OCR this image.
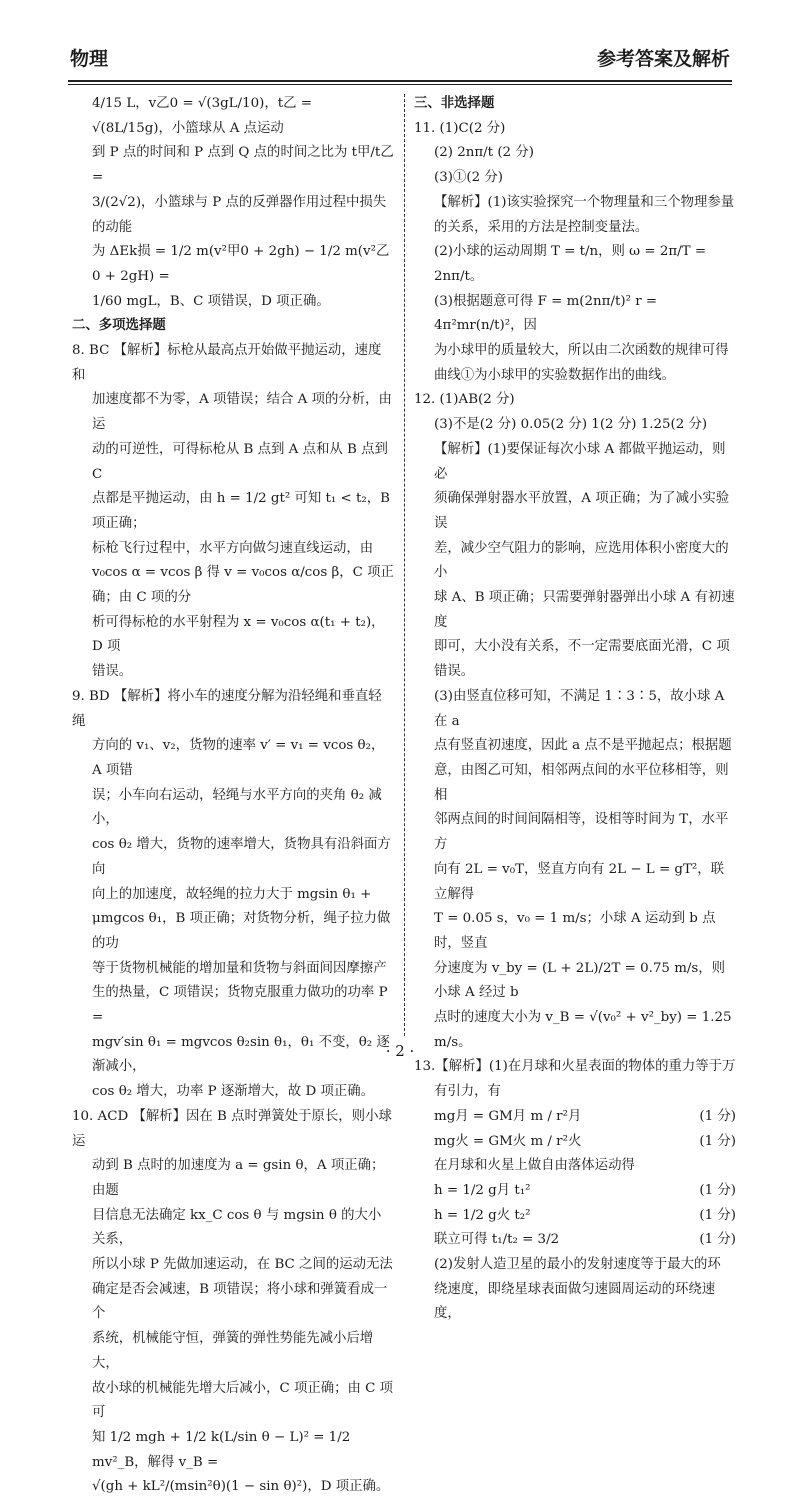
物理	参考答案及解析

4/15 L，v乙0 = √(3gL/10)，t乙 = √(8L/15g)，小篮球从 A 点运动

到 P 点的时间和 P 点到 Q 点的时间之比为 t甲/t乙 =

3/(2√2)，小篮球与 P 点的反弹器作用过程中损失的动能

为 ΔEk损 = 1/2 m(v²甲0 + 2gh) − 1/2 m(v²乙0 + 2gH) =

1/60 mgL，B、C 项错误，D 项正确。

二、多项选择题

8. BC 【解析】标枪从最高点开始做平抛运动，速度和

加速度都不为零，A 项错误；结合 A 项的分析，由运

动的可逆性，可得标枪从 B 点到 A 点和从 B 点到 C

点都是平抛运动，由 h = 1/2 gt² 可知 t₁ < t₂，B 项正确；

标枪飞行过程中，水平方向做匀速直线运动，由

v₀cos α = vcos β 得 v = v₀cos α/cos β，C 项正确；由 C 项的分

析可得标枪的水平射程为 x = v₀cos α(t₁ + t₂)，D 项

错误。

9. BD 【解析】将小车的速度分解为沿轻绳和垂直轻绳

方向的 v₁、v₂，货物的速率 v′ = v₁ = vcos θ₂，A 项错

误；小车向右运动，轻绳与水平方向的夹角 θ₂ 减小，

cos θ₂ 增大，货物的速率增大，货物具有沿斜面方向

向上的加速度，故轻绳的拉力大于 mgsin θ₁ +

μmgcos θ₁，B 项正确；对货物分析，绳子拉力做的功

等于货物机械能的增加量和货物与斜面间因摩擦产

生的热量，C 项错误；货物克服重力做功的功率 P =

mgv′sin θ₁ = mgvcos θ₂sin θ₁，θ₁ 不变，θ₂ 逐渐减小，

cos θ₂ 增大，功率 P 逐渐增大，故 D 项正确。

10. ACD 【解析】因在 B 点时弹簧处于原长，则小球运

动到 B 点时的加速度为 a = gsin θ，A 项正确；由题

目信息无法确定 kx_C cos θ 与 mgsin θ 的大小关系，

所以小球 P 先做加速运动，在 BC 之间的运动无法

确定是否会减速，B 项错误；将小球和弹簧看成一个

系统，机械能守恒，弹簧的弹性势能先减小后增大，

故小球的机械能先增大后减小，C 项正确；由 C 项可

知 1/2 mgh + 1/2 k(L/sin θ − L)² = 1/2 mv²_B，解得 v_B =

√(gh + kL²/(msin²θ)(1 − sin θ)²)，D 项正确。

三、非选择题

11. (1)C(2 分)

(2) 2nπ/t (2 分)

(3)①(2 分)

【解析】(1)该实验探究一个物理量和三个物理参量

的关系，采用的方法是控制变量法。

(2)小球的运动周期 T = t/n，则 ω = 2π/T = 2nπ/t。

(3)根据题意可得 F = m(2nπ/t)² r = 4π²mr(n/t)²，因

为小球甲的质量较大，所以由二次函数的规律可得

曲线①为小球甲的实验数据作出的曲线。

12. (1)AB(2 分)

(3)不是(2 分) 0.05(2 分) 1(2 分) 1.25(2 分)

【解析】(1)要保证每次小球 A 都做平抛运动，则必

须确保弹射器水平放置，A 项正确；为了减小实验误

差，减少空气阻力的影响，应选用体积小密度大的小

球 A、B 项正确；只需要弹射器弹出小球 A 有初速度

即可，大小没有关系，不一定需要底面光滑，C 项

错误。

(3)由竖直位移可知，不满足 1∶3∶5，故小球 A 在 a

点有竖直初速度，因此 a 点不是平抛起点；根据题

意，由图乙可知，相邻两点间的水平位移相等，则相

邻两点间的时间间隔相等，设相等时间为 T，水平方

向有 2L = v₀T，竖直方向有 2L − L = gT²，联立解得

T = 0.05 s，v₀ = 1 m/s；小球 A 运动到 b 点时，竖直

分速度为 v_by = (L + 2L)/2T = 0.75 m/s，则小球 A 经过 b

点时的速度大小为 v_B = √(v₀² + v²_by) = 1.25 m/s。

13.【解析】(1)在月球和火星表面的物体的重力等于万

有引力，有

mg月 = GM月 m / r²月	(1 分)
mg火 = GM火 m / r²火	(1 分)

在月球和火星上做自由落体运动得

h = 1/2 g月 t₁²	(1 分)
h = 1/2 g火 t₂²	(1 分)
联立可得 t₁/t₂ = 3/2	(1 分)

(2)发射人造卫星的最小的发射速度等于最大的环

绕速度，即绕星球表面做匀速圆周运动的环绕速度，

· 2 ·
